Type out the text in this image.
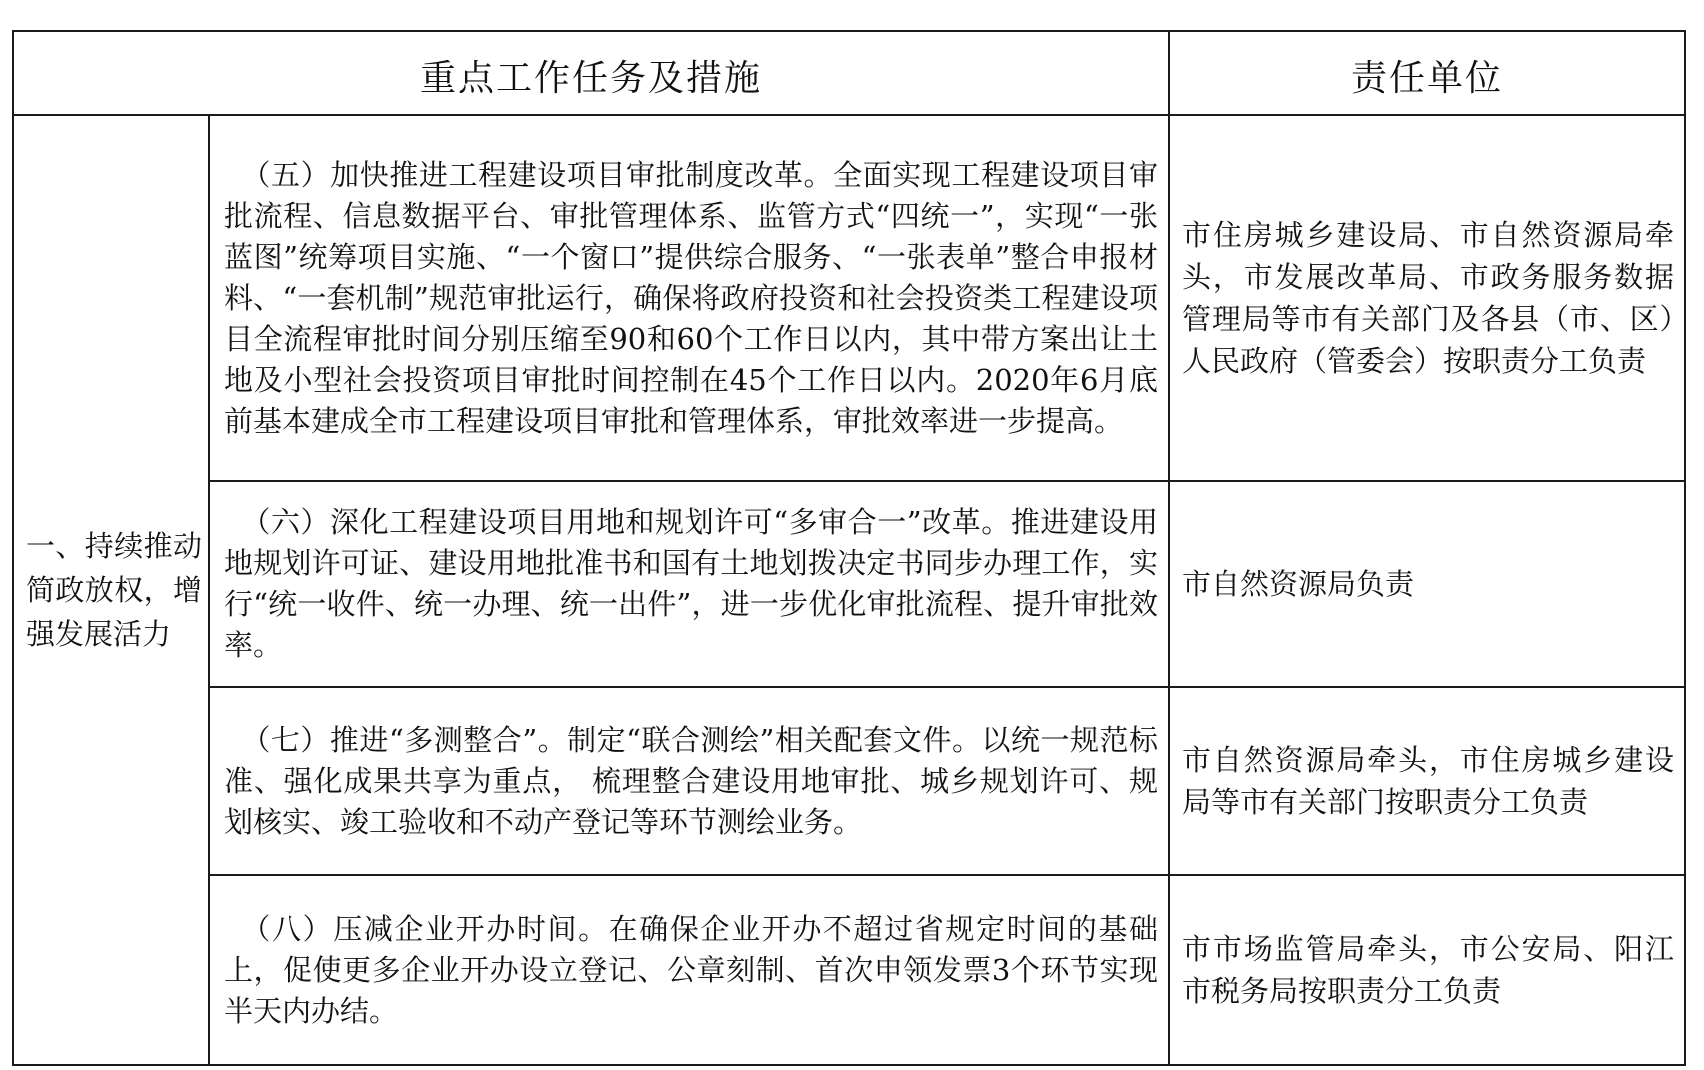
重点工作任务及措施		责任单位

一、持续推动简政放权，增强发展活力	（五）加快推进工程建设项目审批制度改革。全面实现工程建设项目审批流程、信息数据平台、审批管理体系、监管方式“四统一”，实现“一张蓝图”统筹项目实施、“一个窗口”提供综合服务、“一张表单”整合申报材料、“一套机制”规范审批运行，确保将政府投资和社会投资类工程建设项目全流程审批时间分别压缩至90和60个工作日以内，其中带方案出让土地及小型社会投资项目审批时间控制在45个工作日以内。2020年6月底前基本建成全市工程建设项目审批和管理体系，审批效率进一步提高。	市住房城乡建设局、市自然资源局牵头，市发展改革局、市政务服务数据管理局等市有关部门及各县（市、区）人民政府（管委会）按职责分工负责

	（六）深化工程建设项目用地和规划许可“多审合一”改革。推进建设用地规划许可证、建设用地批准书和国有土地划拨决定书同步办理工作，实行“统一收件、统一办理、统一出件”，进一步优化审批流程、提升审批效率。	市自然资源局负责

	（七）推进“多测整合”。制定“联合测绘”相关配套文件。以统一规范标准、强化成果共享为重点， 梳理整合建设用地审批、城乡规划许可、规划核实、竣工验收和不动产登记等环节测绘业务。	市自然资源局牵头，市住房城乡建设局等市有关部门按职责分工负责

	（八）压减企业开办时间。在确保企业开办不超过省规定时间的基础上，促使更多企业开办设立登记、公章刻制、首次申领发票3个环节实现半天内办结。	市市场监管局牵头，市公安局、阳江市税务局按职责分工负责
